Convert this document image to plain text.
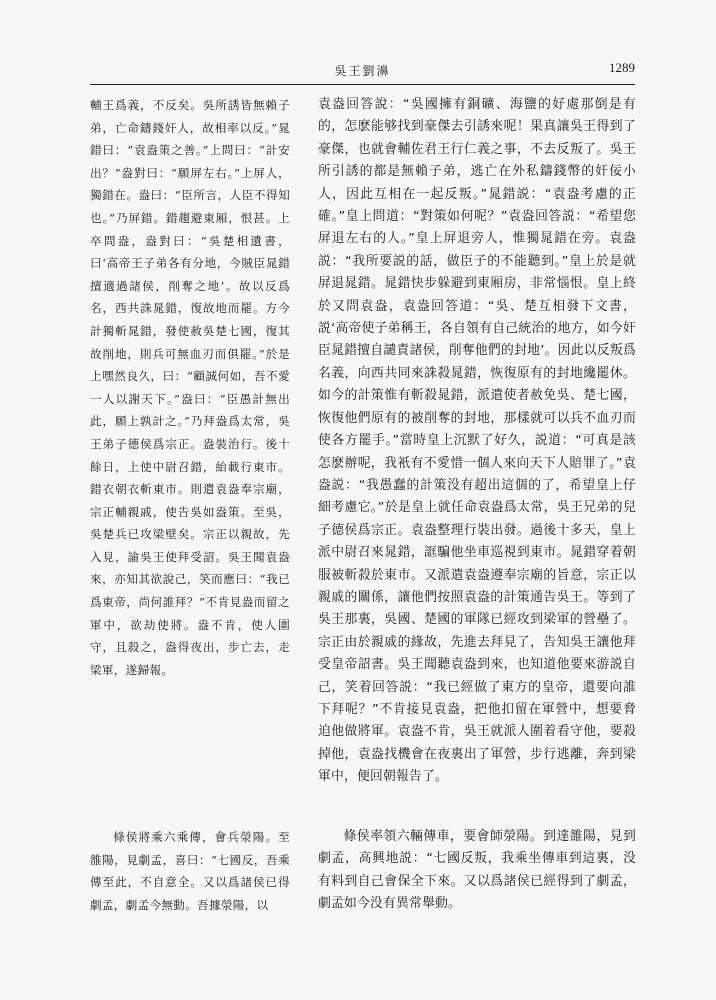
吳王劉濞	1289

輔王爲義，不反矣。吳所誘皆無賴子弟，亡命鑄錢奸人，故相率以反。”晁錯曰：“袁盎策之善。”上問曰：“計安出？”盎對曰：“願屏左右。”上屏人，獨錯在。盎曰：“臣所言，人臣不得知也。”乃屏錯。錯趨避東厢，恨甚。上卒問盎，盎對曰：“吳楚相遺書，曰‘高帝王子弟各有分地，今賊臣晁錯擅適過諸侯，削奪之地’。故以反爲名，西共誅晁錯，復故地而罷。方今計獨斬晁錯，發使赦吳楚七國，復其故削地，則兵可無血刃而俱罷。”於是上嘿然良久，曰：“顧誠何如，吾不愛一人以謝天下。”盎曰：“臣愚計無出此，願上孰計之。”乃拜盎爲太常，吳王弟子德侯爲宗正。盎裝治行。後十餘日，上使中尉召錯，紿載行東市。錯衣朝衣斬東市。則遣袁盎奉宗廟，宗正輔親戚，使告吳如盎策。至吳，吳楚兵已攻梁壁矣。宗正以親故，先入見，諭吳王使拜受詔。吳王聞袁盎來，亦知其欲說己，笑而應曰：“我已爲東帝，尚何誰拜？”不肯見盎而留之軍中，欲劫使將。盎不肯，使人圍守，且殺之，盎得夜出，步亡去，走梁軍，遂歸報。

條侯將乘六乘傳，會兵滎陽。至雒陽，見劇孟，喜曰：“七國反，吾乘傳至此，不自意全。又以爲諸侯已得劇孟，劇孟今無動。吾據滎陽，以

袁盎回答說：“吳國擁有銅礦、海鹽的好處那倒是有的，怎麽能够找到豪傑去引誘來呢！果真讓吳王得到了豪傑，也就會輔佐君王行仁義之事，不去反叛了。吳王所引誘的都是無賴子弟，逃亡在外私鑄錢幣的奸佞小人，因此互相在一起反叛。”晁錯説：“袁盎考慮的正確。”皇上問道：“對策如何呢？”袁盎回答説：“希望您屏退左右的人。”皇上屏退旁人，惟獨晁錯在旁。袁盎説：“我所要説的話，做臣子的不能聽到。”皇上於是就屏退晁錯。晁錯快步躲避到東厢房，非常惱恨。皇上終於又問袁盎，袁盎回答道：“吳、楚互相發下文書，説‘高帝使子弟稱王，各自領有自己統治的地方，如今奸臣晁錯擅自譴責諸侯，削奪他們的封地’。因此以反叛爲名義，向西共同來誅殺晁錯，恢復原有的封地纔罷休。如今的計策惟有斬殺晁錯，派遣使者赦免吳、楚七國，恢復他們原有的被削奪的封地，那樣就可以兵不血刃而使各方罷手。”當時皇上沉默了好久，説道：“可真是該怎麽辦呢，我衹有不愛惜一個人來向天下人賠罪了。”袁盎説：“我愚蠢的計策没有超出這個的了，希望皇上仔細考慮它。”於是皇上就任命袁盎爲太常，吳王兄弟的兒子德侯爲宗正。袁盎整理行裝出發。過後十多天，皇上派中尉召來晁錯，誆騙他坐車巡視到東市。晁錯穿着朝服被斬殺於東市。又派遣袁盎遵奉宗廟的旨意，宗正以親戚的關係，讓他們按照袁盎的計策通告吳王。等到了吳王那裏，吳國、楚國的軍隊已經攻到梁軍的營壘了。宗正由於親戚的緣故，先進去拜見了，告知吳王讓他拜受皇帝詔書。吳王聞聽袁盎到來，也知道他要來游説自己，笑着回答説：“我已經做了東方的皇帝，還要向誰下拜呢？”不肯接見袁盎，把他扣留在軍營中，想要脅迫他做將軍。袁盎不肯，吳王就派人圍着看守他，要殺掉他，袁盎找機會在夜裏出了軍營，步行逃離，奔到梁軍中，便回朝報告了。

條侯率領六輛傳車，要會師滎陽。到達雒陽，見到劇孟，高興地説：“七國反叛，我乘坐傳車到這裏，没有料到自己會保全下來。又以爲諸侯已經得到了劇孟，劇孟如今没有異常舉動。
